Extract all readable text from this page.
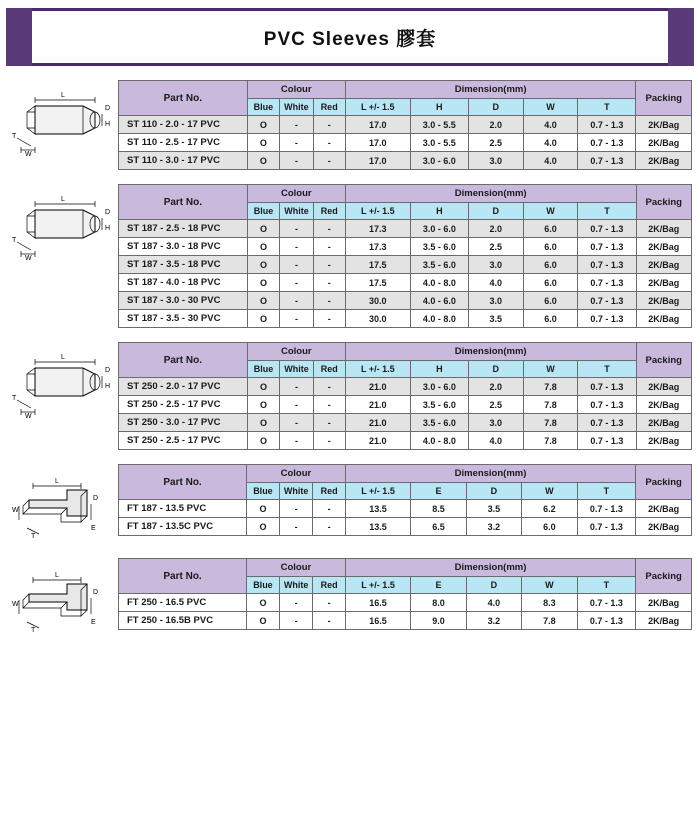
PVC Sleeves 膠套
L
D
H
T
W
Part No.	Colour			Dimension(mm)					Packing
	Blue	White	Red	L +/- 1.5	H	D	W	T	
ST 110 - 2.0 - 17 PVC	O	-	-	17.0	3.0 - 5.5	2.0	4.0	0.7 - 1.3	2K/Bag
ST 110 - 2.5 - 17 PVC	O	-	-	17.0	3.0 - 5.5	2.5	4.0	0.7 - 1.3	2K/Bag
ST 110 - 3.0 - 17 PVC	O	-	-	17.0	3.0 - 6.0	3.0	4.0	0.7 - 1.3	2K/Bag
L
D
H
T
W
Part No.	Colour			Dimension(mm)					Packing
	Blue	White	Red	L +/- 1.5	H	D	W	T	
ST 187 - 2.5 - 18 PVC	O	-	-	17.3	3.0 - 6.0	2.0	6.0	0.7 - 1.3	2K/Bag
ST 187 - 3.0 - 18 PVC	O	-	-	17.3	3.5 - 6.0	2.5	6.0	0.7 - 1.3	2K/Bag
ST 187 - 3.5 - 18 PVC	O	-	-	17.5	3.5 - 6.0	3.0	6.0	0.7 - 1.3	2K/Bag
ST 187 - 4.0 - 18 PVC	O	-	-	17.5	4.0 - 8.0	4.0	6.0	0.7 - 1.3	2K/Bag
ST 187 - 3.0 - 30 PVC	O	-	-	30.0	4.0 - 6.0	3.0	6.0	0.7 - 1.3	2K/Bag
ST 187 - 3.5 - 30 PVC	O	-	-	30.0	4.0 - 8.0	3.5	6.0	0.7 - 1.3	2K/Bag
L
D
H
T
W
Part No.	Colour			Dimension(mm)					Packing
	Blue	White	Red	L +/- 1.5	H	D	W	T	
ST 250 - 2.0 - 17 PVC	O	-	-	21.0	3.0 - 6.0	2.0	7.8	0.7 - 1.3	2K/Bag
ST 250 - 2.5 - 17 PVC	O	-	-	21.0	3.5 - 6.0	2.5	7.8	0.7 - 1.3	2K/Bag
ST 250 - 3.0 - 17 PVC	O	-	-	21.0	3.5 - 6.0	3.0	7.8	0.7 - 1.3	2K/Bag
ST 250 - 2.5 - 17 PVC	O	-	-	21.0	4.0 - 8.0	4.0	7.8	0.7 - 1.3	2K/Bag
L
D
E
W
T
Part No.	Colour			Dimension(mm)					Packing
	Blue	White	Red	L +/- 1.5	E	D	W	T	
FT 187 - 13.5 PVC	O	-	-	13.5	8.5	3.5	6.2	0.7 - 1.3	2K/Bag
FT 187 - 13.5C PVC	O	-	-	13.5	6.5	3.2	6.0	0.7 - 1.3	2K/Bag
L
D
E
W
T
Part No.	Colour			Dimension(mm)					Packing
	Blue	White	Red	L +/- 1.5	E	D	W	T	
FT 250 - 16.5 PVC	O	-	-	16.5	8.0	4.0	8.3	0.7 - 1.3	2K/Bag
FT 250 - 16.5B PVC	O	-	-	16.5	9.0	3.2	7.8	0.7 - 1.3	2K/Bag
